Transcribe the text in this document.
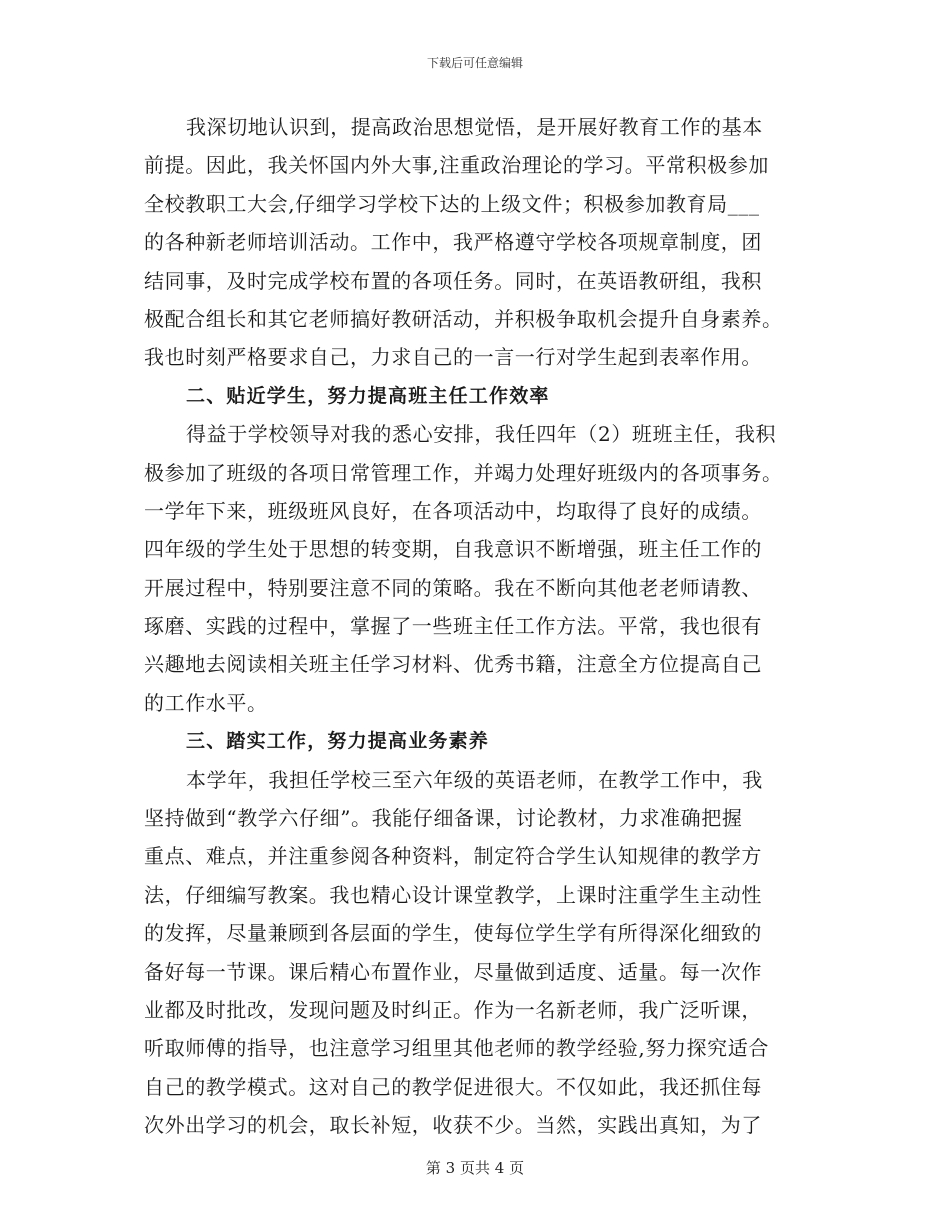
下载后可任意编辑
我深切地认识到，提高政治思想觉悟，是开展好教育工作的基本
前提。因此，我关怀国内外大事,注重政治理论的学习。平常积极参加
全校教职工大会,仔细学习学校下达的上级文件；积极参加教育局___
的各种新老师培训活动。工作中，我严格遵守学校各项规章制度，团
结同事，及时完成学校布置的各项任务。同时，在英语教研组，我积
极配合组长和其它老师搞好教研活动，并积极争取机会提升自身素养。
我也时刻严格要求自己，力求自己的一言一行对学生起到表率作用。
二、贴近学生，努力提高班主任工作效率
得益于学校领导对我的悉心安排，我任四年（2）班班主任，我积
极参加了班级的各项日常管理工作，并竭力处理好班级内的各项事务。
一学年下来，班级班风良好，在各项活动中，均取得了良好的成绩。
四年级的学生处于思想的转变期，自我意识不断增强，班主任工作的
开展过程中，特别要注意不同的策略。我在不断向其他老老师请教、
琢磨、实践的过程中，掌握了一些班主任工作方法。平常，我也很有
兴趣地去阅读相关班主任学习材料、优秀书籍，注意全方位提高自己
的工作水平。
三、踏实工作，努力提高业务素养
本学年，我担任学校三至六年级的英语老师，在教学工作中，我
坚持做到“教学六仔细”。我能仔细备课，讨论教材，力求准确把握
重点、难点，并注重参阅各种资料，制定符合学生认知规律的教学方
法，仔细编写教案。我也精心设计课堂教学，上课时注重学生主动性
的发挥，尽量兼顾到各层面的学生，使每位学生学有所得深化细致的
备好每一节课。课后精心布置作业，尽量做到适度、适量。每一次作
业都及时批改，发现问题及时纠正。作为一名新老师，我广泛听课，
听取师傅的指导，也注意学习组里其他老师的教学经验,努力探究适合
自己的教学模式。这对自己的教学促进很大。不仅如此，我还抓住每
次外出学习的机会，取长补短，收获不少。当然，实践出真知，为了
第 3 页共 4 页
